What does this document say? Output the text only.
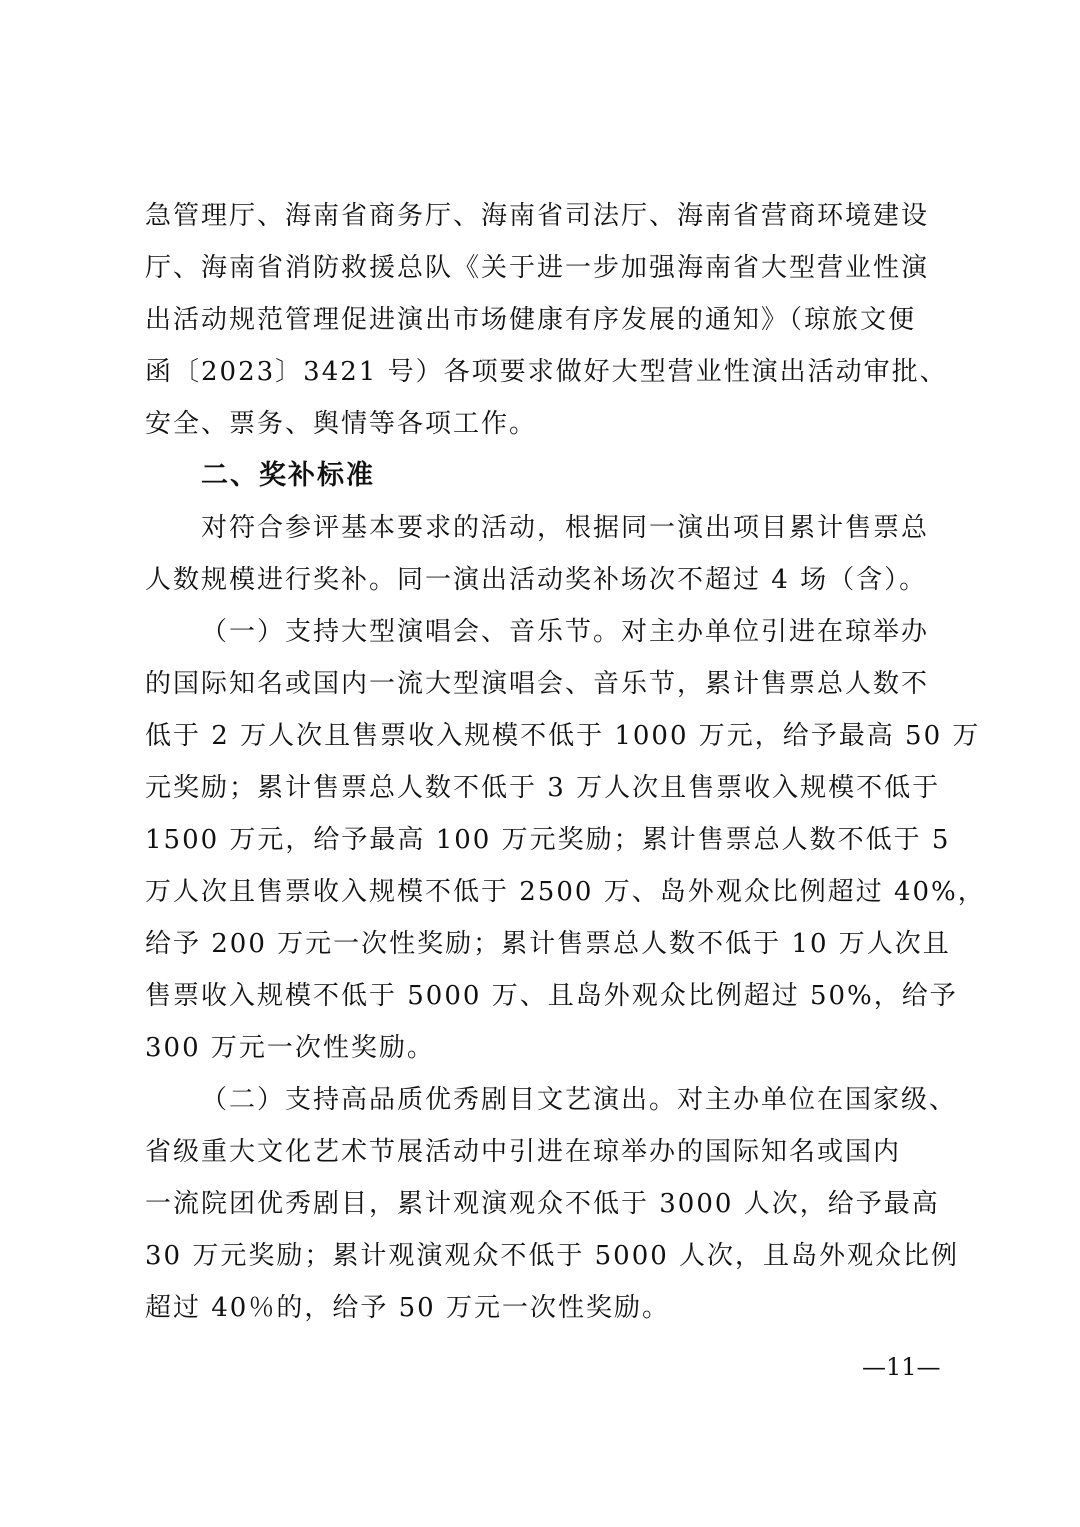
急管理厅、海南省商务厅、海南省司法厅、海南省营商环境建设
厅、海南省消防救援总队《关于进一步加强海南省大型营业性演
出活动规范管理促进演出市场健康有序发展的通知》（琼旅文便
函〔2023〕3421 号）各项要求做好大型营业性演出活动审批、
安全、票务、舆情等各项工作。
二、奖补标准
对符合参评基本要求的活动，根据同一演出项目累计售票总
人数规模进行奖补。同一演出活动奖补场次不超过 4 场（含）。
（一）支持大型演唱会、音乐节。对主办单位引进在琼举办
的国际知名或国内一流大型演唱会、音乐节，累计售票总人数不
低于 2 万人次且售票收入规模不低于 1000 万元，给予最高 50 万
元奖励；累计售票总人数不低于 3 万人次且售票收入规模不低于
1500 万元，给予最高 100 万元奖励；累计售票总人数不低于 5
万人次且售票收入规模不低于 2500 万、岛外观众比例超过 40%，
给予 200 万元一次性奖励；累计售票总人数不低于 10 万人次且
售票收入规模不低于 5000 万、且岛外观众比例超过 50%，给予
300 万元一次性奖励。
（二）支持高品质优秀剧目文艺演出。对主办单位在国家级、
省级重大文化艺术节展活动中引进在琼举办的国际知名或国内
一流院团优秀剧目，累计观演观众不低于 3000 人次，给予最高
30 万元奖励；累计观演观众不低于 5000 人次，且岛外观众比例
超过 40％的，给予 50 万元一次性奖励。
—11—
